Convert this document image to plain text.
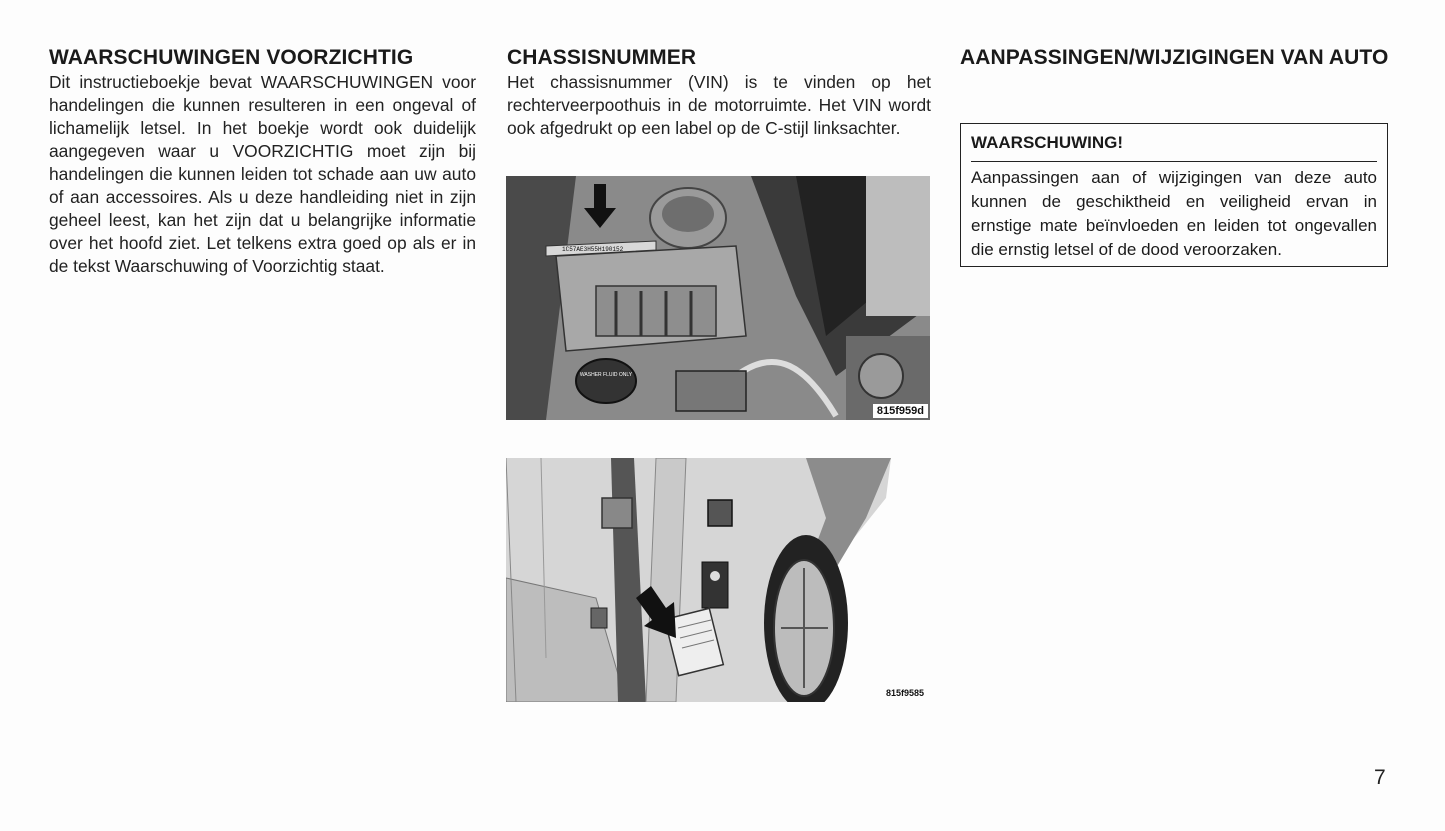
WAARSCHUWINGEN VOORZICHTIG

Dit instructieboekje bevat WAARSCHUWINGEN voor handelingen die kunnen resulteren in een ongeval of lichamelijk letsel. In het boekje wordt ook duidelijk aangegeven waar u VOORZICHTIG moet zijn bij handelingen die kunnen leiden tot schade aan uw auto of aan accessoires. Als u deze handleiding niet in zijn geheel leest, kan het zijn dat u belangrijke informatie over het hoofd ziet. Let telkens extra goed op als er in de tekst Waarschuwing of Voorzichtig staat.

CHASSISNUMMER

Het chassisnummer (VIN) is te vinden op het rechterveerpoothuis in de motorruimte. Het VIN wordt ook afgedrukt op een label op de C-stijl linksachter.

1C57AE3H55H190152
WASHER FLUID ONLY
815f959d
815f9585
AANPASSINGEN/WIJZIGINGEN VAN AUTO
WAARSCHUWING!
Aanpassingen aan of wijzigingen van deze auto kunnen de geschiktheid en veiligheid ervan in ernstige mate beïnvloeden en leiden tot ongevallen die ernstig letsel of de dood veroorzaken.
7
